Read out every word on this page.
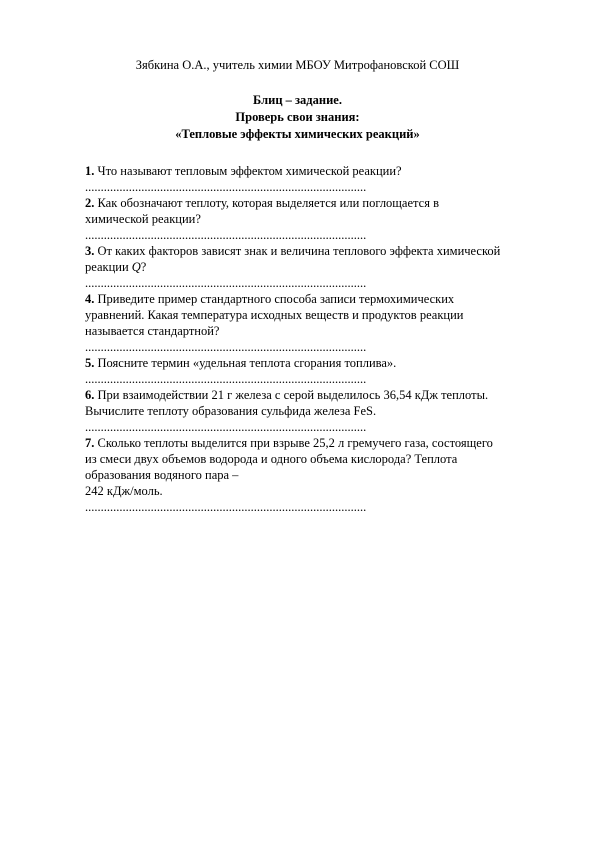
Зябкина О.А., учитель химии МБОУ Митрофановской СОШ
Блиц – задание.
Проверь свои знания:
«Тепловые эффекты химических реакций»
1. Что называют тепловым эффектом химической реакции?
..........................................................................................
2. Как обозначают теплоту, которая выделяется или поглощается в
химической реакции?
..........................................................................................
3. От каких факторов зависят знак и величина теплового эффекта химической
реакции Q?
..........................................................................................
4. Приведите пример стандартного способа записи термохимических
уравнений. Какая температура исходных веществ и продуктов реакции
называется стандартной?
..........................................................................................
5. Поясните термин «удельная теплота сгорания топлива».
..........................................................................................
6. При взаимодействии 21 г железа с серой выделилось 36,54 кДж теплоты.
Вычислите теплоту образования сульфида железа FeS.
..........................................................................................
7. Сколько теплоты выделится при взрыве 25,2 л гремучего газа, состоящего
из смеси двух объемов водорода и одного объема кислорода? Теплота
образования водяного пара –
242 кДж/моль.
..........................................................................................
